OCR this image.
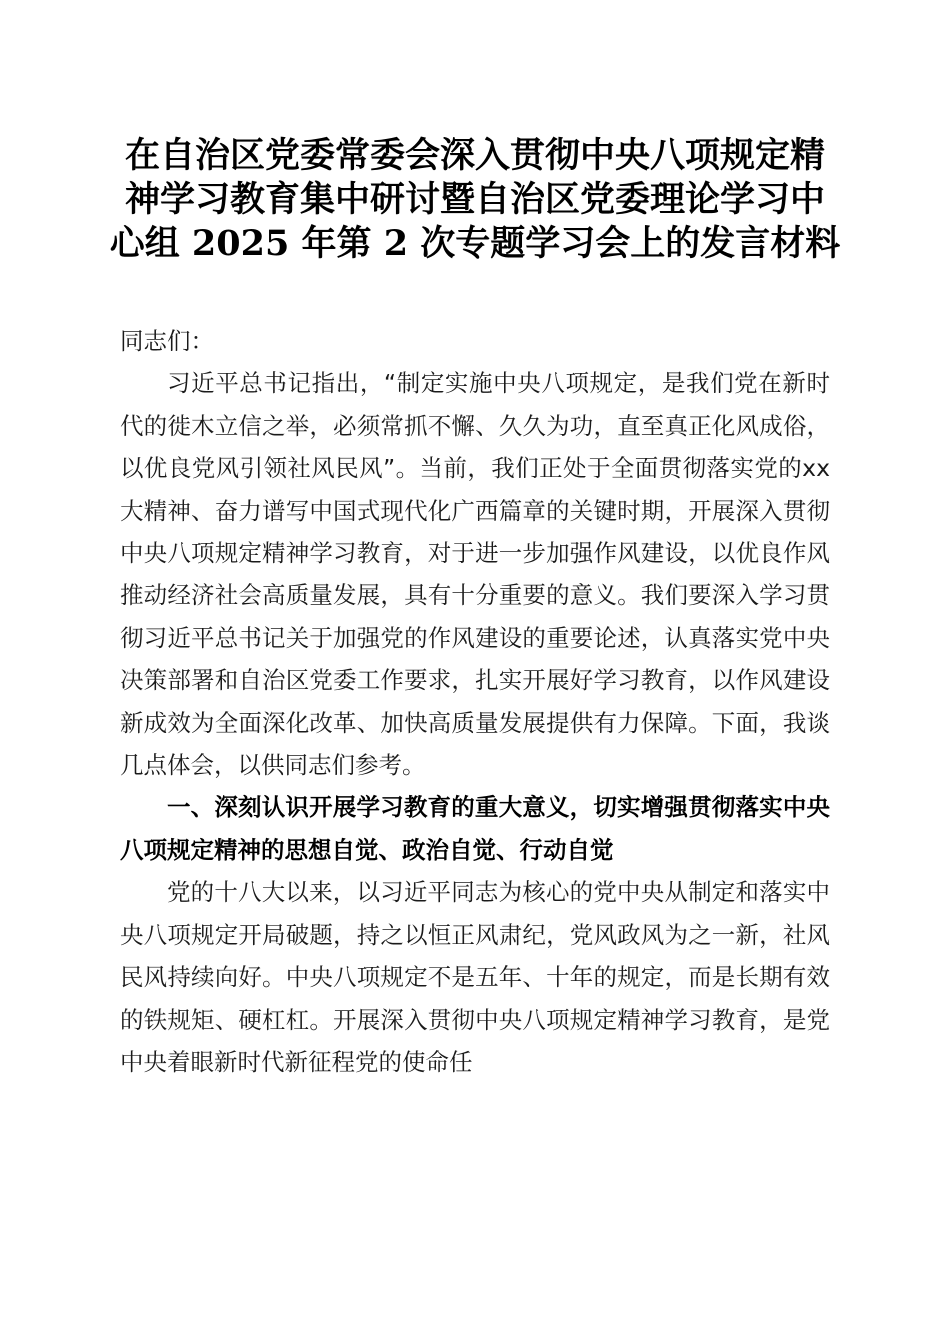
在自治区党委常委会深入贯彻中央八项规定精
神学习教育集中研讨暨自治区党委理论学习中
心组 2025 年第 2 次专题学习会上的发言材料

同志们：

习近平总书记指出，“制定实施中央八项规定，是我们党在新时代的徙木立信之举，必须常抓不懈、久久为功，直至真正化风成俗，以优良党风引领社风民风”。当前，我们正处于全面贯彻落实党的xx大精神、奋力谱写中国式现代化广西篇章的关键时期，开展深入贯彻中央八项规定精神学习教育，对于进一步加强作风建设，以优良作风推动经济社会高质量发展，具有十分重要的意义。我们要深入学习贯彻习近平总书记关于加强党的作风建设的重要论述，认真落实党中央决策部署和自治区党委工作要求，扎实开展好学习教育，以作风建设新成效为全面深化改革、加快高质量发展提供有力保障。下面，我谈几点体会，以供同志们参考。

一、深刻认识开展学习教育的重大意义，切实增强贯彻落实中央八项规定精神的思想自觉、政治自觉、行动自觉

党的十八大以来，以习近平同志为核心的党中央从制定和落实中央八项规定开局破题，持之以恒正风肃纪，党风政风为之一新，社风民风持续向好。中央八项规定不是五年、十年的规定，而是长期有效的铁规矩、硬杠杠。开展深入贯彻中央八项规定精神学习教育，是党中央着眼新时代新征程党的使命任
